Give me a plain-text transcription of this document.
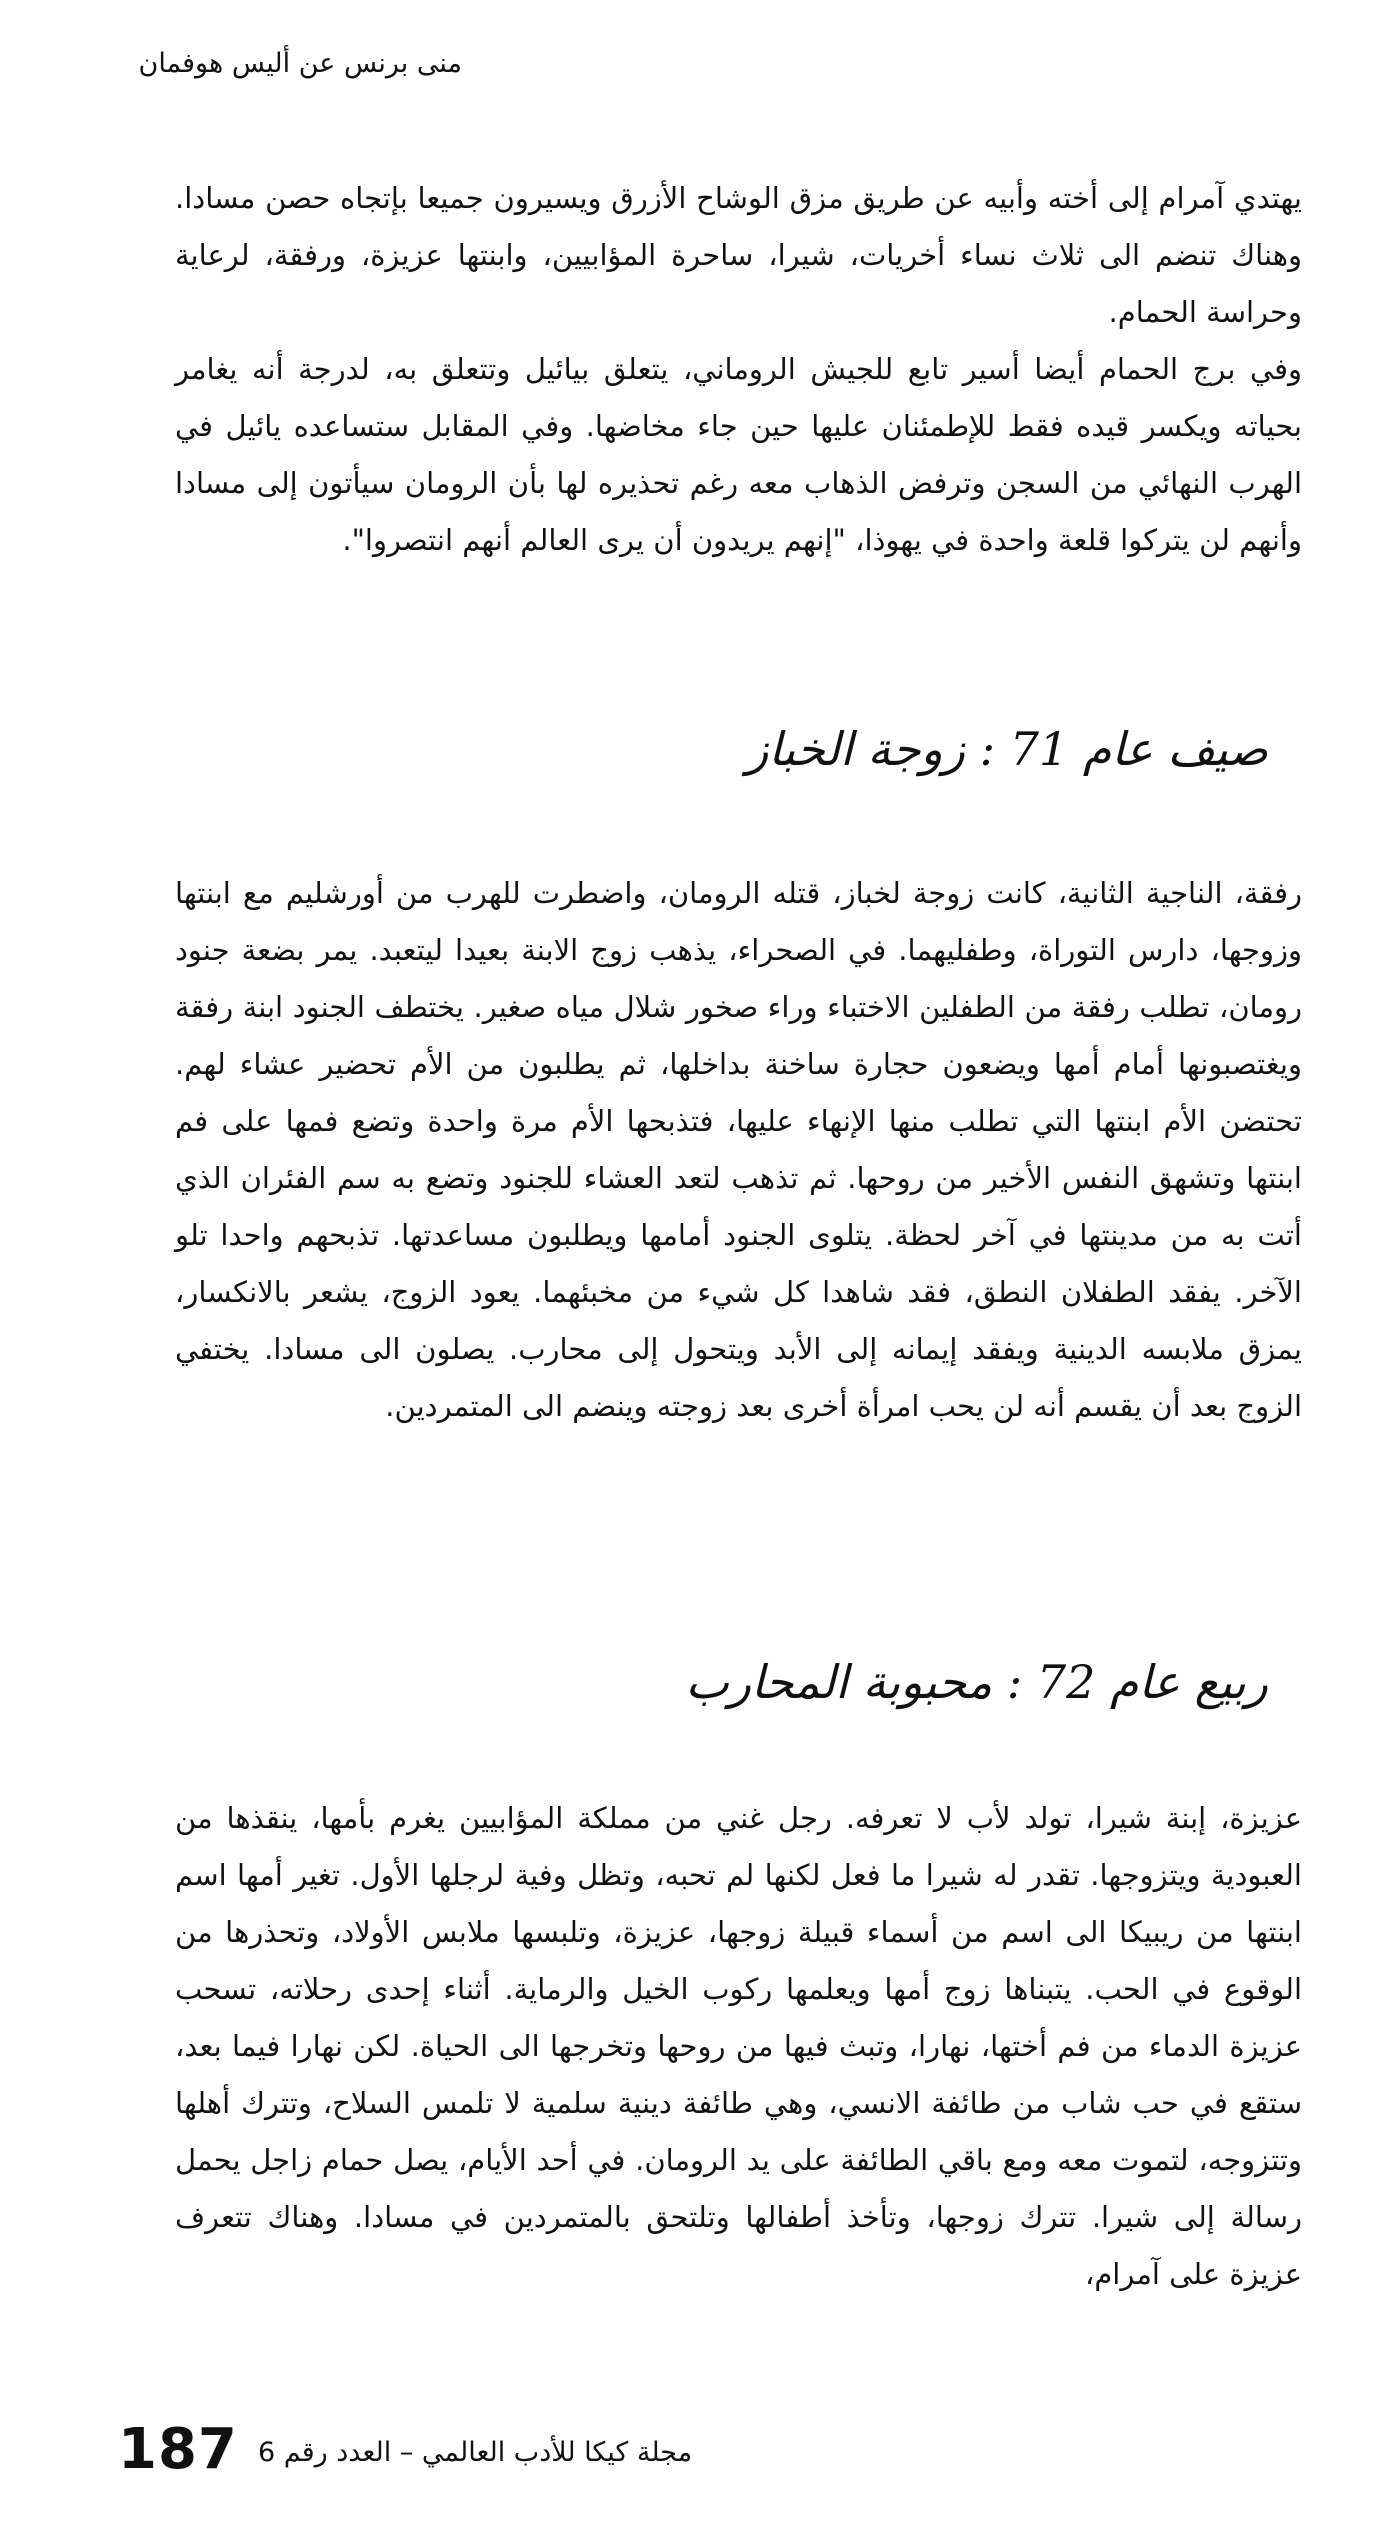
منى برنس عن أليس هوفمان

يهتدي آمرام إلى أخته وأبيه عن طريق مزق الوشاح الأزرق ويسيرون جميعا بإتجاه حصن مسادا. وهناك تنضم الى ثلاث نساء أخريات، شيرا، ساحرة المؤابيين، وابنتها عزيزة، ورفقة، لرعاية وحراسة الحمام.

وفي برج الحمام أيضا أسير تابع للجيش الروماني، يتعلق بيائيل وتتعلق به، لدرجة أنه يغامر بحياته ويكسر قيده فقط للإطمئنان عليها حين جاء مخاضها. وفي المقابل ستساعده يائيل في الهرب النهائي من السجن وترفض الذهاب معه رغم تحذيره لها بأن الرومان سيأتون إلى مسادا وأنهم لن يتركوا قلعة واحدة في يهوذا، "إنهم يريدون أن يرى العالم أنهم انتصروا".

صيف عام 71 : زوجة الخباز

رفقة، الناجية الثانية، كانت زوجة لخباز، قتله الرومان، واضطرت للهرب من أورشليم مع ابنتها وزوجها، دارس التوراة، وطفليهما. في الصحراء، يذهب زوج الابنة بعيدا ليتعبد. يمر بضعة جنود رومان، تطلب رفقة من الطفلين الاختباء وراء صخور شلال مياه صغير. يختطف الجنود ابنة رفقة ويغتصبونها أمام أمها ويضعون حجارة ساخنة بداخلها، ثم يطلبون من الأم تحضير عشاء لهم. تحتضن الأم ابنتها التي تطلب منها الإنهاء عليها، فتذبحها الأم مرة واحدة وتضع فمها على فم ابنتها وتشهق النفس الأخير من روحها. ثم تذهب لتعد العشاء للجنود وتضع به سم الفئران الذي أتت به من مدينتها في آخر لحظة. يتلوى الجنود أمامها ويطلبون مساعدتها. تذبحهم واحدا تلو الآخر. يفقد الطفلان النطق، فقد شاهدا كل شيء من مخبئهما. يعود الزوج، يشعر بالانكسار، يمزق ملابسه الدينية ويفقد إيمانه إلى الأبد ويتحول إلى محارب. يصلون الى مسادا. يختفي الزوج بعد أن يقسم أنه لن يحب امرأة أخرى بعد زوجته وينضم الى المتمردين.

ربيع عام 72 : محبوبة المحارب

عزيزة، إبنة شيرا، تولد لأب لا تعرفه. رجل غني من مملكة المؤابيين يغرم بأمها، ينقذها من العبودية ويتزوجها. تقدر له شيرا ما فعل لكنها لم تحبه، وتظل وفية لرجلها الأول. تغير أمها اسم ابنتها من ريبيكا الى اسم من أسماء قبيلة زوجها، عزيزة، وتلبسها ملابس الأولاد، وتحذرها من الوقوع في الحب. يتبناها زوج أمها ويعلمها ركوب الخيل والرماية. أثناء إحدى رحلاته، تسحب عزيزة الدماء من فم أختها، نهارا، وتبث فيها من روحها وتخرجها الى الحياة. لكن نهارا فيما بعد، ستقع في حب شاب من طائفة الانسي، وهي طائفة دينية سلمية لا تلمس السلاح، وتترك أهلها وتتزوجه، لتموت معه ومع باقي الطائفة على يد الرومان. في أحد الأيام، يصل حمام زاجل يحمل رسالة إلى شيرا. تترك زوجها، وتأخذ أطفالها وتلتحق بالمتمردين في مسادا. وهناك تتعرف عزيزة على آمرام،

187 مجلة كيكا للأدب العالمي – العدد رقم 6
